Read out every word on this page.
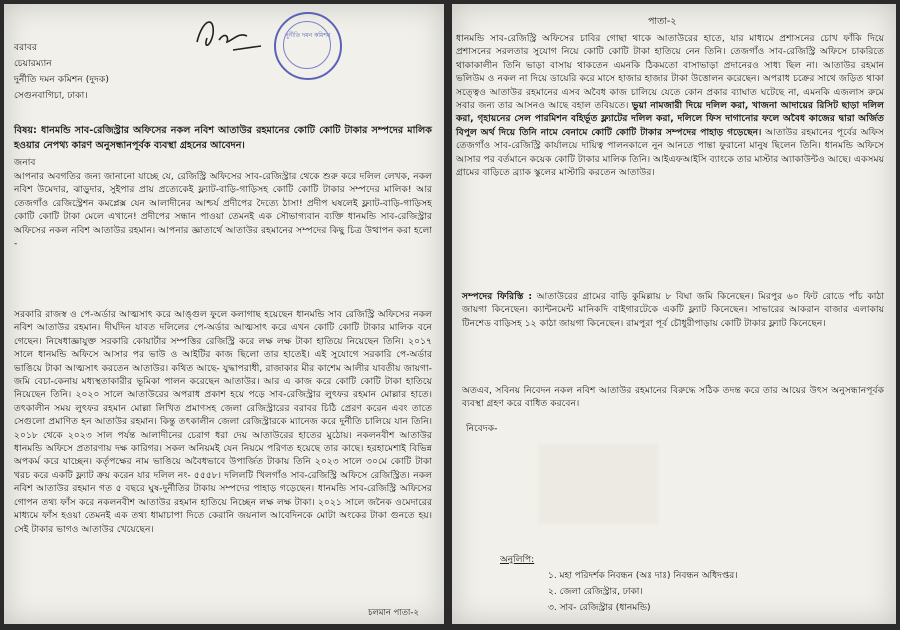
দুর্নীতি দমন কমিশন
বরাবর
চেয়ারম্যান
দুর্নীতি দমন কমিশন (দুদক)
সেগুনবাগিচা, ঢাকা।
বিষয়: ধানমন্ডি সাব-রেজিস্ট্রার অফিসের নকল নবিশ আতাউর রহমানের কোটি কোটি টাকার সম্পদের মালিক হওয়ার নেপথ্য কারণ অনুসন্ধানপূর্বক ব্যবস্থা গ্রহনের আবেদন।
জনাব

আপনার অবগতির জন্য জানানো যাচ্ছে যে, রেজিস্ট্রি অফিসের সাব-রেজিস্ট্রার থেকে শুরু করে দলিল লেখক, নকল নবিশ উমেদার, ঝাড়ুদার, সুইপার প্রায় প্রত্যেকেই ফ্ল্যাট-বাড়ি-গাড়িসহ কোটি কোটি টাকার সম্পদের মালিক! আর তেজগাঁও রেজিস্ট্রেশন কমপ্লেক্স যেন আলাদীনের আশ্চর্য প্রদীপের দৈত্যে ঠাসা! প্রদীপ ঘষলেই ফ্ল্যাট-বাড়ি-গাড়িসহ কোটি কোটি টাকা মেলে এখানে! প্রদীপের সন্ধান পাওয়া তেমনই এক সৌভাগ্যবান ব্যক্তি ধানমন্ডি সাব-রেজিস্ট্রার অফিসের নকল নবিশ আতাউর রহমান। আপনার জ্ঞাতার্থে আতাউর রহমানের সম্পদের কিছু চিত্র উত্থাপন করা হলো -

সরকারি রাজস্ব ও পে-অর্ডার আত্মসাৎ করে আঙ্গুল ফুলে কলাগাছ হয়েছেন ধানমন্ডি সাব রেজিস্ট্রি অফিসের নকল নবিশ আতাউর রহমান। দীর্ঘদিন যাবত দলিলের পে-অর্ডার আত্মসাৎ করে এখন কোটি কোটি টাকার মালিক বনে গেছেন। নিষেধাজ্ঞাযুক্ত সরকারি কোয়ার্টার সম্পত্তির রেজিস্ট্রি করে লক্ষ লক্ষ টাকা হাতিয়ে নিয়েছেন তিনি। ২০১৭ সালে ধানমন্ডি অফিসে আসার পর ভাউ ও আইটির কাজ ছিলো তার হাতেই। এই সুযোগে সরকারি পে-অর্ডার ভাঙিয়ে টাকা আত্মসাৎ করতেন আতাউর। কথিত আছে- যুদ্ধাপরাধী, রাজাকার মীর কাশেম আলীর যাবতীয় জায়গা-জমি বেচা-কেনায় মধ্যস্থতাকারীর ভূমিকা পালন করেছেন আতাউর। আর এ কাজ করে কোটি কোটি টাকা হাতিয়ে নিয়েছেন তিনি। ২০২০ সালে আতাউরের অপরাধ প্রকাশ হয়ে পড়ে সাব-রেজিস্ট্রার লুৎফর রহমান মোল্লার হাতে। তৎকালীন সময় লুৎফর রহমান মোল্লা লিখিত প্রমাণসহ জেলা রেজিস্ট্রারের বরাবর চিঠি প্রেরণ করেন এবং তাতে সেগুলো প্রমাণিত হন আতাউর রহমান। কিন্তু তৎকালীন জেলা রেজিস্ট্রারকে ম্যানেজ করে দুর্নীতি চালিয়ে যান তিনি। ২০১৮ থেকে ২০২৩ সাল পর্যন্ত আলাদীনের চেরাগ ধরা দেয় আতাউরের হাতের মুঠোয়। নকলনবীশ আতাউর ধানমন্ডি অফিসে প্রতারণায় দক্ষ কারিগর। সকল অনিয়মই যেন নিয়মে পরিণত হয়েছে তার কাছে। হরহামেশাই বিভিন্ন অপকর্ম করে যাচ্ছেন। কর্তৃপক্ষের নাম ভাঙিয়ে অবৈধভাবে উপার্জিত টাকায় তিনি ২০২৩ সালে ৩০মে কোটি টাকা খরচ করে একটি ফ্ল্যাট ক্রয় করেন যার দলিল নং- ৫৫৫৮। দলিলটি খিলগাঁও সাব-রেজিস্ট্রি অফিসে রেজিস্ট্রিত। নকল নবিশ আতাউর রহমান গত ৫ বছরে ঘুষ-দুর্নীতির টাকায় সম্পদের পাহাড় গড়েছেন। ধানমন্ডি সাব-রেজিস্ট্রি অফিসের গোপন তথ্য ফাঁস করে নকলনবীশ আতাউর রহমান হাতিয়ে নিচ্ছেন লক্ষ লক্ষ টাকা। ২০২১ সালে জনৈক ওমেদারের মাধ্যমে ফাঁস হওয়া তেমনই এক তথ্য ধামাচাপা দিতে কেরানি জয়নাল আবেদিনকে মোটা অংকের টাকা গুনতে হয়। সেই টাকার ভাগও আতাউর খেয়েছেন।

চলমান পাতা-২
পাতা-২

ধানমন্ডি সাব-রেজিস্ট্রি অফিসের চাবির গোছা থাকে আতাউরের হাতে, যার মাধ্যমে প্রশাসনের চোখ ফাঁকি দিয়ে প্রশাসনের সরলতার সুযোগ নিয়ে কোটি কোটি টাকা হাতিয়ে নেন তিনি। তেজগাঁও সাব-রেজিস্ট্রি অফিসে চাকরিতে থাকাকালীন তিনি ভাড়া বাসায় থাকতেন এমনকি ঠিকমতো বাসাভাড়া প্রদানেরও সাধ্য ছিল না। আতাউর রহমান ভলিউম ও নকল না দিয়ে ডায়েরি করে মাসে হাজার হাজার টাকা উত্তোলন করেছেন। অপরাধ চক্রের সাথে জড়িত থাকা সত্ত্বেও আতাউর রহমানের এসব অবৈধ কাজ চালিয়ে যেতে কোন প্রকার ব্যাঘাত ঘটেছে না, এমনকি এজলাস রুমে সবার জন্য তার আসনও আছে বহাল তবিয়তে। ভুয়া নামজারী দিয়ে দলিল করা, খাজনা আদায়ের রিসিট ছাড়া দলিল করা, গৃহায়নের সেল পারমিশন বহির্ভূত ফ্ল্যাটের দলিল করা, দলিলে ফিস দাগানোর ফলে অবৈধ কাজের দ্বারা অর্জিত বিপুল অর্থ দিয়ে তিনি নামে বেনামে কোটি কোটি টাকার সম্পদের পাহাড় গড়েছেন। আতাউর রহমানের পূর্বের অফিস তেজগাঁও সাব-রেজিস্ট্রি কার্যালয়ে দায়িত্ব পালনকালে নুন আনতে পান্তা ফুরানো মানুষ ছিলেন তিনি। ধানমন্ডি অফিসে আসার পর বর্তমানে কয়েক কোটি টাকার মালিক তিনি। আইএফআইসি ব্যাংকে তার মাস্টার অ্যাকাউন্টও আছে। একসময় গ্রামের বাড়িতে ব্র্যাক স্কুলের মাস্টারি করতেন আতাউর।

সম্পদের ফিরিস্তি : আতাউরের গ্রামের বাড়ি কুমিল্লায় ৮ বিঘা জমি কিনেছেন। মিরপুর ৬০ ফিট রোডে পাঁচ কাঠা জায়গা কিনেছেন। ক্যান্টনমেন্ট মানিকদি বাইগারটেকে একটি ফ্ল্যাট কিনেছেন। সাভারের আকরান বাজার এলাকায় টিনশেড বাড়িসহ ১২ কাঠা জায়গা কিনেছেন। রামপুরা পূর্ব চৌধুরীপাড়ায় কোটি টাকার ফ্ল্যাট কিনেছেন।

অতএব, সবিনয় নিবেদন নকল নবিশ আতাউর রহমানের বিরুদ্ধে সঠিক তদন্ত করে তার আয়ের উৎস অনুসন্ধানপূর্বক ব্যবস্থা গ্রহণ করে বাধিত করবেন।

নিবেদক-
অনুলিপি:
১. মহা পরিদর্শক নিবন্ধন (অঃ দাঃ) নিবন্ধন অধিদপ্তর।
২. জেলা রেজিস্ট্রার, ঢাকা।
৩. সাব- রেজিস্ট্রার (ধানমন্ডি)
